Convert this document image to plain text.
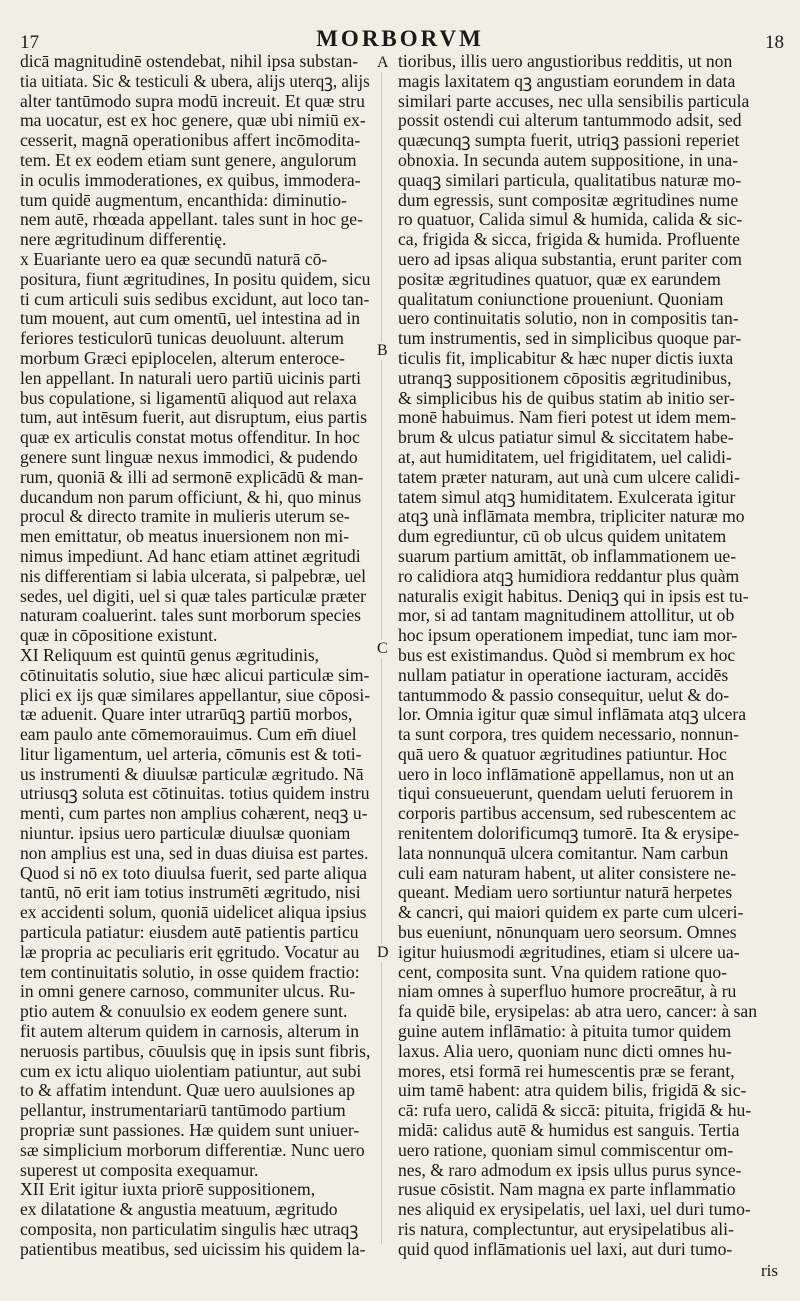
17	MORBORVM	18
A
B
C
D
dicā magnitudinē ostendebat, nihil ipsa substan-
tia uitiata. Sic & testiculi & ubera, alijs uterqꝫ, alijs
alter tantūmodo supra modū increuit. Et quæ stru
ma uocatur, est ex hoc genere, quæ ubi nimiū ex-
cesserit, magnā operationibus affert incōmodita-
tem. Et ex eodem etiam sunt genere, angulorum
in oculis immoderationes, ex quibus, immodera-
tum quidē augmentum, encanthida: diminutio-
nem autē, rhœada appellant. tales sunt in hoc ge-
nere ægritudinum differentię.
x Euariante uero ea quæ secundū naturā cō-
positura, fiunt ægritudines, In positu quidem, sicu
ti cum articuli suis sedibus excidunt, aut loco tan-
tum mouent, aut cum omentū, uel intestina ad in
feriores testiculorū tunicas deuoluunt. alterum
morbum Græci epiplocelen, alterum enteroce-
len appellant. In naturali uero partiū uicinis parti
bus copulatione, si ligamentū aliquod aut relaxa
tum, aut intēsum fuerit, aut disruptum, eius partis
quæ ex articulis constat motus offenditur. In hoc
genere sunt linguæ nexus immodici, & pudendo
rum, quoniā & illi ad sermonē explicādū & man-
ducandum non parum officiunt, & hi, quo minus
procul & directo tramite in mulieris uterum se-
men emittatur, ob meatus inuersionem non mi-
nimus impediunt. Ad hanc etiam attinet ægritudi
nis differentiam si labia ulcerata, si palpebræ, uel
sedes, uel digiti, uel si quæ tales particulæ præter
naturam coaluerint. tales sunt morborum species
quæ in cōpositione existunt.
XI Reliquum est quintū genus ægritudinis,
cōtinuitatis solutio, siue hæc alicui particulæ sim-
plici ex ijs quæ similares appellantur, siue cōposi-
tæ aduenit. Quare inter utrarūqꝫ partiū morbos,
eam paulo ante cōmemorauimus. Cum em̄ diuel
litur ligamentum, uel arteria, cōmunis est & toti-
us instrumenti & diuulsæ particulæ ægritudo. Nā
utriusqꝫ soluta est cōtinuitas. totius quidem instru
menti, cum partes non amplius cohærent, neqꝫ u-
niuntur. ipsius uero particulæ diuulsæ quoniam
non amplius est una, sed in duas diuisa est partes.
Quod si nō ex toto diuulsa fuerit, sed parte aliqua
tantū, nō erit iam totius instrumēti ægritudo, nisi
ex accidenti solum, quoniā uidelicet aliqua ipsius
particula patiatur: eiusdem autē patientis particu
læ propria ac peculiaris erit ęgritudo. Vocatur au
tem continuitatis solutio, in osse quidem fractio:
in omni genere carnoso, communiter ulcus. Ru-
ptio autem & conuulsio ex eodem genere sunt.
fit autem alterum quidem in carnosis, alterum in
neruosis partibus, cōuulsis quę in ipsis sunt fibris,
cum ex ictu aliquo uiolentiam patiuntur, aut subi
to & affatim intendunt. Quæ uero auulsiones ap
pellantur, instrumentariarū tantūmodo partium
propriæ sunt passiones. Hæ quidem sunt uniuer-
sæ simplicium morborum differentiæ. Nunc uero
superest ut composita exequamur.
XII Erit igitur iuxta priorē suppositionem,
ex dilatatione & angustia meatuum, ægritudo
composita, non particulatim singulis hæc utraqꝫ
patientibus meatibus, sed uicissim his quidem la-
tioribus, illis uero angustioribus redditis, ut non
magis laxitatem qꝫ angustiam eorundem in data
similari parte accuses, nec ulla sensibilis particula
possit ostendi cui alterum tantummodo adsit, sed
quæcunqꝫ sumpta fuerit, utriqꝫ passioni reperiet
obnoxia. In secunda autem suppositione, in una-
quaqꝫ similari particula, qualitatibus naturæ mo-
dum egressis, sunt compositæ ægritudines nume
ro quatuor, Calida simul & humida, calida & sic-
ca, frigida & sicca, frigida & humida. Profluente
uero ad ipsas aliqua substantia, erunt pariter com
positæ ægritudines quatuor, quæ ex earundem
qualitatum coniunctione proueniunt. Quoniam
uero continuitatis solutio, non in compositis tan-
tum instrumentis, sed in simplicibus quoque par-
ticulis fit, implicabitur & hæc nuper dictis iuxta
utranqꝫ suppositionem cōpositis ægritudinibus,
& simplicibus his de quibus statim ab initio ser-
monē habuimus. Nam fieri potest ut idem mem-
brum & ulcus patiatur simul & siccitatem habe-
at, aut humiditatem, uel frigiditatem, uel calidi-
tatem præter naturam, aut unà cum ulcere calidi-
tatem simul atqꝫ humiditatem. Exulcerata igitur
atqꝫ unà inflāmata membra, tripliciter naturæ mo
dum egrediuntur, cū ob ulcus quidem unitatem
suarum partium amittāt, ob inflammationem ue-
ro calidiora atqꝫ humidiora reddantur plus quàm
naturalis exigit habitus. Deniqꝫ qui in ipsis est tu-
mor, si ad tantam magnitudinem attollitur, ut ob
hoc ipsum operationem impediat, tunc iam mor-
bus est existimandus. Quòd si membrum ex hoc
nullam patiatur in operatione iacturam, accidēs
tantummodo & passio consequitur, uelut & do-
lor. Omnia igitur quæ simul inflāmata atqꝫ ulcera
ta sunt corpora, tres quidem necessario, nonnun-
quā uero & quatuor ægritudines patiuntur. Hoc
uero in loco inflāmationē appellamus, non ut an
tiqui consueuerunt, quendam ueluti feruorem in
corporis partibus accensum, sed rubescentem ac
renitentem dolorificumqꝫ tumorē. Ita & erysipe-
lata nonnunquā ulcera comitantur. Nam carbun
culi eam naturam habent, ut aliter consistere ne-
queant. Mediam uero sortiuntur naturā herpetes
& cancri, qui maiori quidem ex parte cum ulceri-
bus eueniunt, nōnunquam uero seorsum. Omnes
igitur huiusmodi ægritudines, etiam si ulcere ua-
cent, composita sunt. Vna quidem ratione quo-
niam omnes à superfluo humore procreātur, à ru
fa quidē bile, erysipelas: ab atra uero, cancer: à san
guine autem inflāmatio: à pituita tumor quidem
laxus. Alia uero, quoniam nunc dicti omnes hu-
mores, etsi formā rei humescentis præ se ferant,
uim tamē habent: atra quidem bilis, frigidā & sic-
cā: rufa uero, calidā & siccā: pituita, frigidā & hu-
midā: calidus autē & humidus est sanguis. Tertia
uero ratione, quoniam simul commiscentur om-
nes, & raro admodum ex ipsis ullus purus synce-
rusue cōsistit. Nam magna ex parte inflammatio
nes aliquid ex erysipelatis, uel laxi, uel duri tumo-
ris natura, complectuntur, aut erysipelatibus ali-
quid quod inflāmationis uel laxi, aut duri tumo-
ris
